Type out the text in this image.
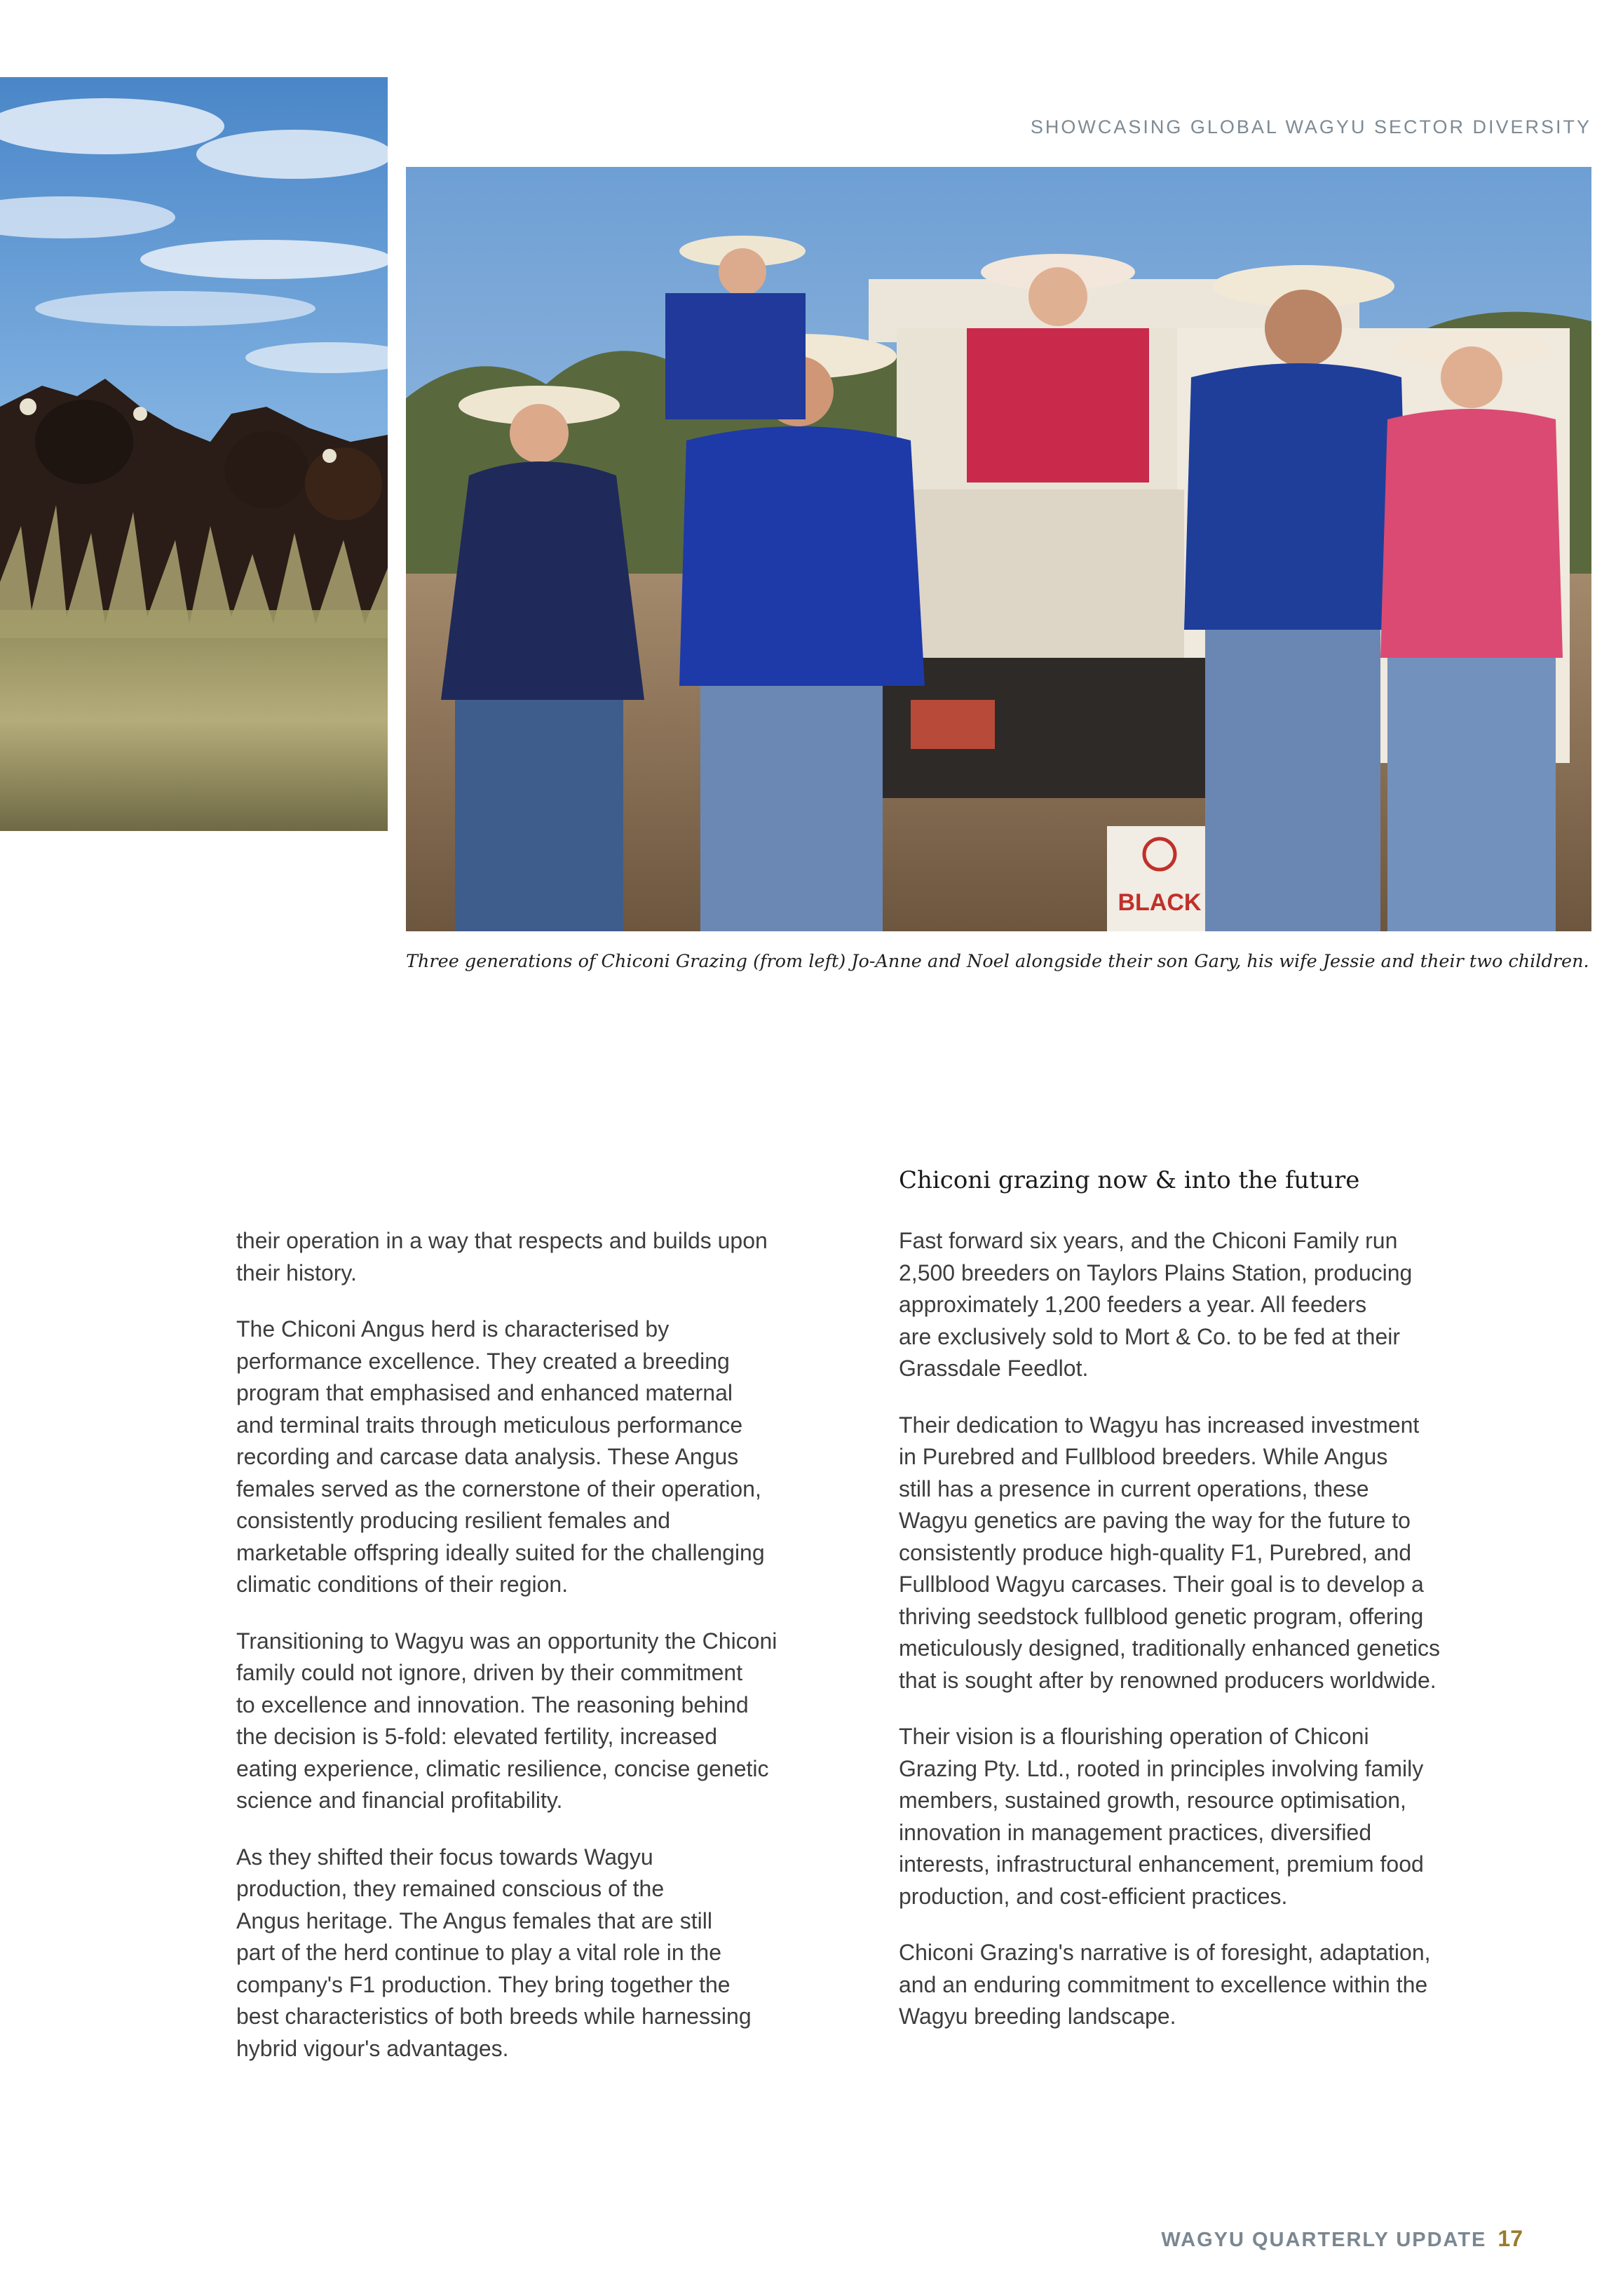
BLACK
SHOWCASING GLOBAL WAGYU SECTOR DIVERSITY
Three generations of Chiconi Grazing (from left) Jo-Anne and Noel alongside their son Gary, his wife Jessie and their two children.

their operation in a way that respects and builds upon
their history.

The Chiconi Angus herd is characterised by
performance excellence. They created a breeding
program that emphasised and enhanced maternal
and terminal traits through meticulous performance
recording and carcase data analysis. These Angus
females served as the cornerstone of their operation,
consistently producing resilient females and
marketable offspring ideally suited for the challenging
climatic conditions of their region.

Transitioning to Wagyu was an opportunity the Chiconi
family could not ignore, driven by their commitment
to excellence and innovation. The reasoning behind
the decision is 5-fold: elevated fertility, increased
eating experience, climatic resilience, concise genetic
science and financial profitability.

As they shifted their focus towards Wagyu
production, they remained conscious of the
Angus heritage. The Angus females that are still
part of the herd continue to play a vital role in the
company's F1 production. They bring together the
best characteristics of both breeds while harnessing
hybrid vigour's advantages.

Chiconi grazing now & into the future

Fast forward six years, and the Chiconi Family run
2,500 breeders on Taylors Plains Station, producing
approximately 1,200 feeders a year. All feeders
are exclusively sold to Mort & Co. to be fed at their
Grassdale Feedlot.

Their dedication to Wagyu has increased investment
in Purebred and Fullblood breeders. While Angus
still has a presence in current operations, these
Wagyu genetics are paving the way for the future to
consistently produce high-quality F1, Purebred, and
Fullblood Wagyu carcases. Their goal is to develop a
thriving seedstock fullblood genetic program, offering
meticulously designed, traditionally enhanced genetics
that is sought after by renowned producers worldwide.

Their vision is a flourishing operation of Chiconi
Grazing Pty. Ltd., rooted in principles involving family
members, sustained growth, resource optimisation,
innovation in management practices, diversified
interests, infrastructural enhancement, premium food
production, and cost-efficient practices.

Chiconi Grazing's narrative is of foresight, adaptation,
and an enduring commitment to excellence within the
Wagyu breeding landscape.

WAGYU QUARTERLY UPDATE 17
